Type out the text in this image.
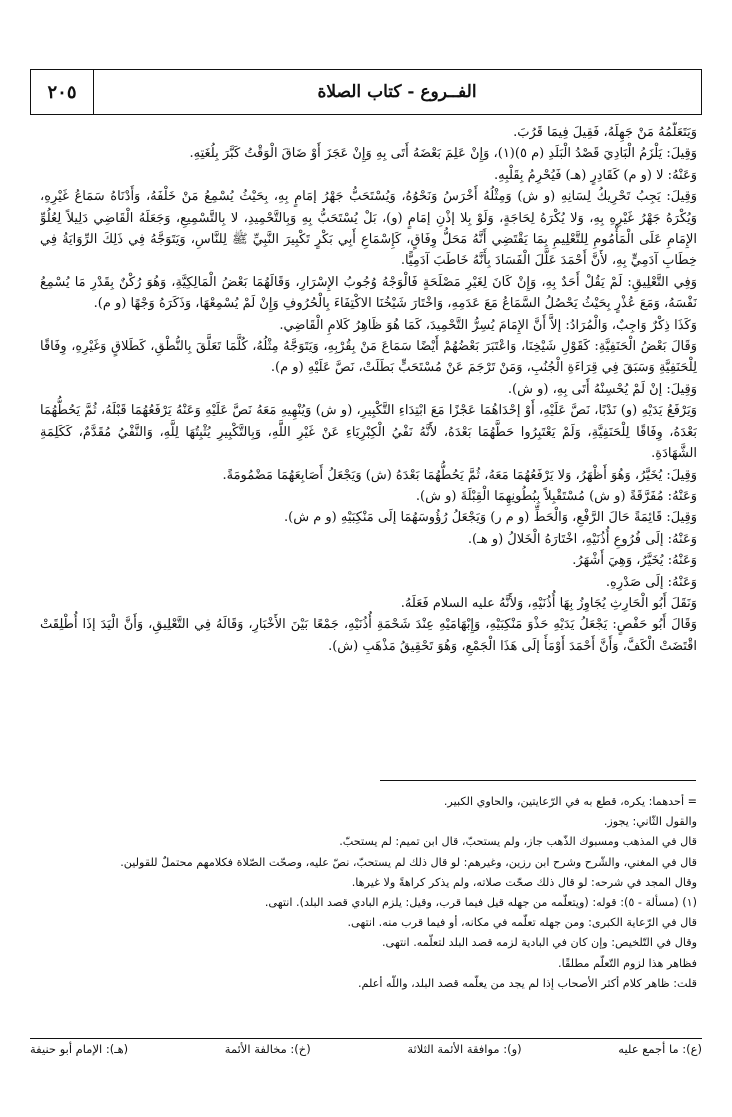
٢٠٥	الفــروع - كتاب الصلاة

وَيَتَعَلَّمُهُ مَنْ جَهِلَهُ، فَقِيلَ فِيمَا قَرُبَ.

وَقِيلَ: يَلْزَمُ الْبَادِيَ قَصْدُ الْبَلَدِ (م ٥)(١)، وَإِنْ عَلِمَ بَعْضَهُ أَتَى بِهِ وَإِنْ عَجَزَ أَوْ ضَاقَ الْوَقْتُ كَبَّرَ بِلُغَتِهِ.

وَعَنْهُ: لا (و م) كَقَادِرٍ (هـ) فَيُحْرِمُ بِقَلْبِهِ.

وَقِيلَ: يَجِبُ تَحْرِيكُ لِسَانِهِ (و ش) وَمِثْلُهُ أَخْرَسُ وَنَحْوُهُ، وَيُسْتَحَبُّ جَهْرُ إمَامٍ بِهِ، بِحَيْثُ يُسْمِعُ مَنْ خَلْفَهُ، وَأَدْنَاهُ سَمَاعُ غَيْرِهِ، وَيُكْرَهُ جَهْرُ غَيْرِهِ بِهِ، وَلا يُكْرَهُ لِحَاجَةٍ، وَلَوْ بِلا إذْنِ إمَامٍ (و)، بَلْ يُسْتَحَبُّ بِهِ وَبِالتَّحْمِيدِ، لا بِالتَّسْمِيعِ، وَجَعَلَهُ الْقَاضِي دَلِيلاً لِعُلُوِّ الإِمَامِ عَلَى الْمَأْمُومِ لِلتَّعْلِيمِ بِمَا يَقْتَضِي أَنَّهُ مَحَلُّ وِفَاقٍ، كَإِسْمَاعِ أَبِي بَكْرٍ تَكْبِيرَ النَّبِيِّ ﷺ لِلنَّاسِ، وَيَتَوَجَّهُ فِي ذَلِكَ الرِّوَايَةُ فِي خِطَابِ آدَمِيٍّ بِهِ، لأَنَّ أَحْمَدَ عَلَّلَ الْفَسَادَ بِأَنَّهُ خَاطَبَ آدَمِيًّا.

وَفِي التَّعْلِيقِ: لَمْ يَقُلْ أَحَدٌ بِهِ، وَإِنْ كَانَ لِغَيْرِ مَصْلَحَةٍ فَالْوَجْهُ وُجُوبُ الإِسْرَارِ، وَقَالَهُمَا بَعْضُ الْمَالِكِيَّةِ، وَهُوَ رُكْنٌ بِقَدْرِ مَا يُسْمِعُ نَفْسَهُ، وَمَعَ عُذْرٍ بِحَيْثُ يَحْصُلُ السَّمَاعُ مَعَ عَدَمِهِ، وَاخْتَارَ شَيْخُنَا الاكْتِفَاءَ بِالْحُرُوفِ وَإِنْ لَمْ يُسْمِعْهَا، وَذَكَرَهُ وَجْهًا (و م).

وَكَذَا ذِكْرٌ وَاجِبٌ، وَالْمُرَادُ: إلاَّ أَنَّ الإِمَامَ يُسِرُّ التَّحْمِيدَ، كَمَا هُوَ ظَاهِرُ كَلامِ الْقَاضِي.

وَقَالَ بَعْضُ الْحَنَفِيَّةِ: كَقَوْلِ شَيْخِنَا، وَاعْتَبَرَ بَعْضُهُمْ أَيْضًا سَمَاعَ مَنْ بِقُرْبِهِ، وَيَتَوَجَّهُ مِثْلُهُ، كُلَّمَا تَعَلَّقَ بِالنُّطْقِ، كَطَلاقٍ وَغَيْرِهِ، وِفَاقًا لِلْحَنَفِيَّةِ وَسَبَقَ فِي قِرَاءَةِ الْجُنُبِ، وَمَنْ تَرْجَمَ عَنْ مُسْتَحَبٍّ بَطَلَتْ، نَصَّ عَلَيْهِ (و م).

وَقِيلَ: إنْ لَمْ يُحْسِنْهُ أَتَى بِهِ، (و ش).

وَيَرْفَعُ يَدَيْهِ (و) نَدْبًا، نَصَّ عَلَيْهِ، أَوْ إحْدَاهُمَا عَجْزًا مَعَ ابْتِدَاءِ التَّكْبِيرِ، (و ش) وَيُنْهِيهِ مَعَهُ نَصَّ عَلَيْهِ وَعَنْهُ يَرْفَعُهُمَا قَبْلَهُ، ثُمَّ يَحُطُّهُمَا بَعْدَهُ، وِفَاقًا لِلْحَنَفِيَّةِ، وَلَمْ يَعْتَبِرُوا حَطَّهُمَا بَعْدَهُ، لأَنَّهُ نَفْيُ الْكِبْرِيَاءِ عَنْ غَيْرِ اللَّهِ، وَبِالتَّكْبِيرِ يُثْبِتُهَا لِلَّهِ، وَالنَّفْيُ مُقَدَّمٌ، كَكَلِمَةِ الشَّهَادَةِ.

وَقِيلَ: يُخَيَّرُ، وَهُوَ أَظْهَرُ، وَلا يَرْفَعُهُمَا مَعَهُ، ثُمَّ يَحُطُّهُمَا بَعْدَهُ (ش) وَيَجْعَلُ أَصَابِعَهُمَا مَضْمُومَةً.

وَعَنْهُ: مُفَرَّقَةً (و ش) مُسْتَقْبِلاً بِبُطُونِهِمَا الْقِبْلَةَ (و ش).

وَقِيلَ: قَائِمَةً حَالَ الرَّفْعِ، وَالْحَطِّ (و م ر) وَيَجْعَلُ رُؤُوسَهُمَا إلَى مَنْكِبَيْهِ (و م ش).

وَعَنْهُ: إلَى فُرُوعِ أُذُنَيْهِ، اخْتَارَهُ الْخَلالُ (و هـ).

وَعَنْهُ: يُخَيَّرُ، وَهِيَ أَشْهَرُ.

وَعَنْهُ: إلَى صَدْرِهِ.

وَنَقَلَ أَبُو الْحَارِثِ يُجَاوِزُ بِهَا أُذُنَيْهِ، وَلأَنَّهُ عليه السلام فَعَلَهُ.

وَقَالَ أَبُو حَفْصٍ: يَجْعَلُ يَدَيْهِ حَذْوَ مَنْكِبَيْهِ، وَإِبْهَامَيْهِ عِنْدَ شَحْمَةِ أُذُنَيْهِ، جَمْعًا بَيْنَ الأَخْبَارِ، وَقَالَهُ فِي التَّعْلِيقِ، وَأَنَّ الْيَدَ إذَا أُطْلِقَتْ اقْتَضَتْ الْكَفَّ، وَأَنَّ أَحْمَدَ أَوْمَأَ إلَى هَذَا الْجَمْعِ، وَهُوَ تَحْقِيقُ مَذْهَبِ (ش).

= أحدهما: يكره، قطع به في الرّعايتين، والحاوي الكبير.

والقول الثّاني: يجوز.

قال في المذهب ومسبوك الذّهب جاز، ولم يستحبّ، قال ابن تميم: لم يستحبّ.

قال في المغني، والشّرح وشرح ابن رزين، وغيرهم: لو قال ذلك لم يستحبّ، نصّ عليه، وصحّت الصّلاة فكلامهم محتملٌ للقولين.

وقال المجد في شرحه: لو قال ذلك صحّت صلاته، ولم يذكر كراهةً ولا غيرها.

(١) (مسألة - ٥): قوله: (ويتعلّمه من جهله قيل فيما قرب، وقيل: يلزم البادي قصد البلد). انتهى.

قال في الرّعاية الكبرى: ومن جهله تعلّمه في مكانه، أو فيما قرب منه. انتهى.

وقال في التّلخيص: وإن كان في البادية لزمه قصد البلد لتعلّمه. انتهى.

فظاهر هذا لزوم التّعلّم مطلقًا.

قلت: ظاهر كلام أكثر الأصحاب إذا لم يجد من يعلّمه قصد البلد، واللّه أعلم.

(ع): ما أجمع عليه
(و): موافقة الأئمة الثلاثة
(خ): مخالفة الأئمة
(هـ): الإمام أبو حنيفة
